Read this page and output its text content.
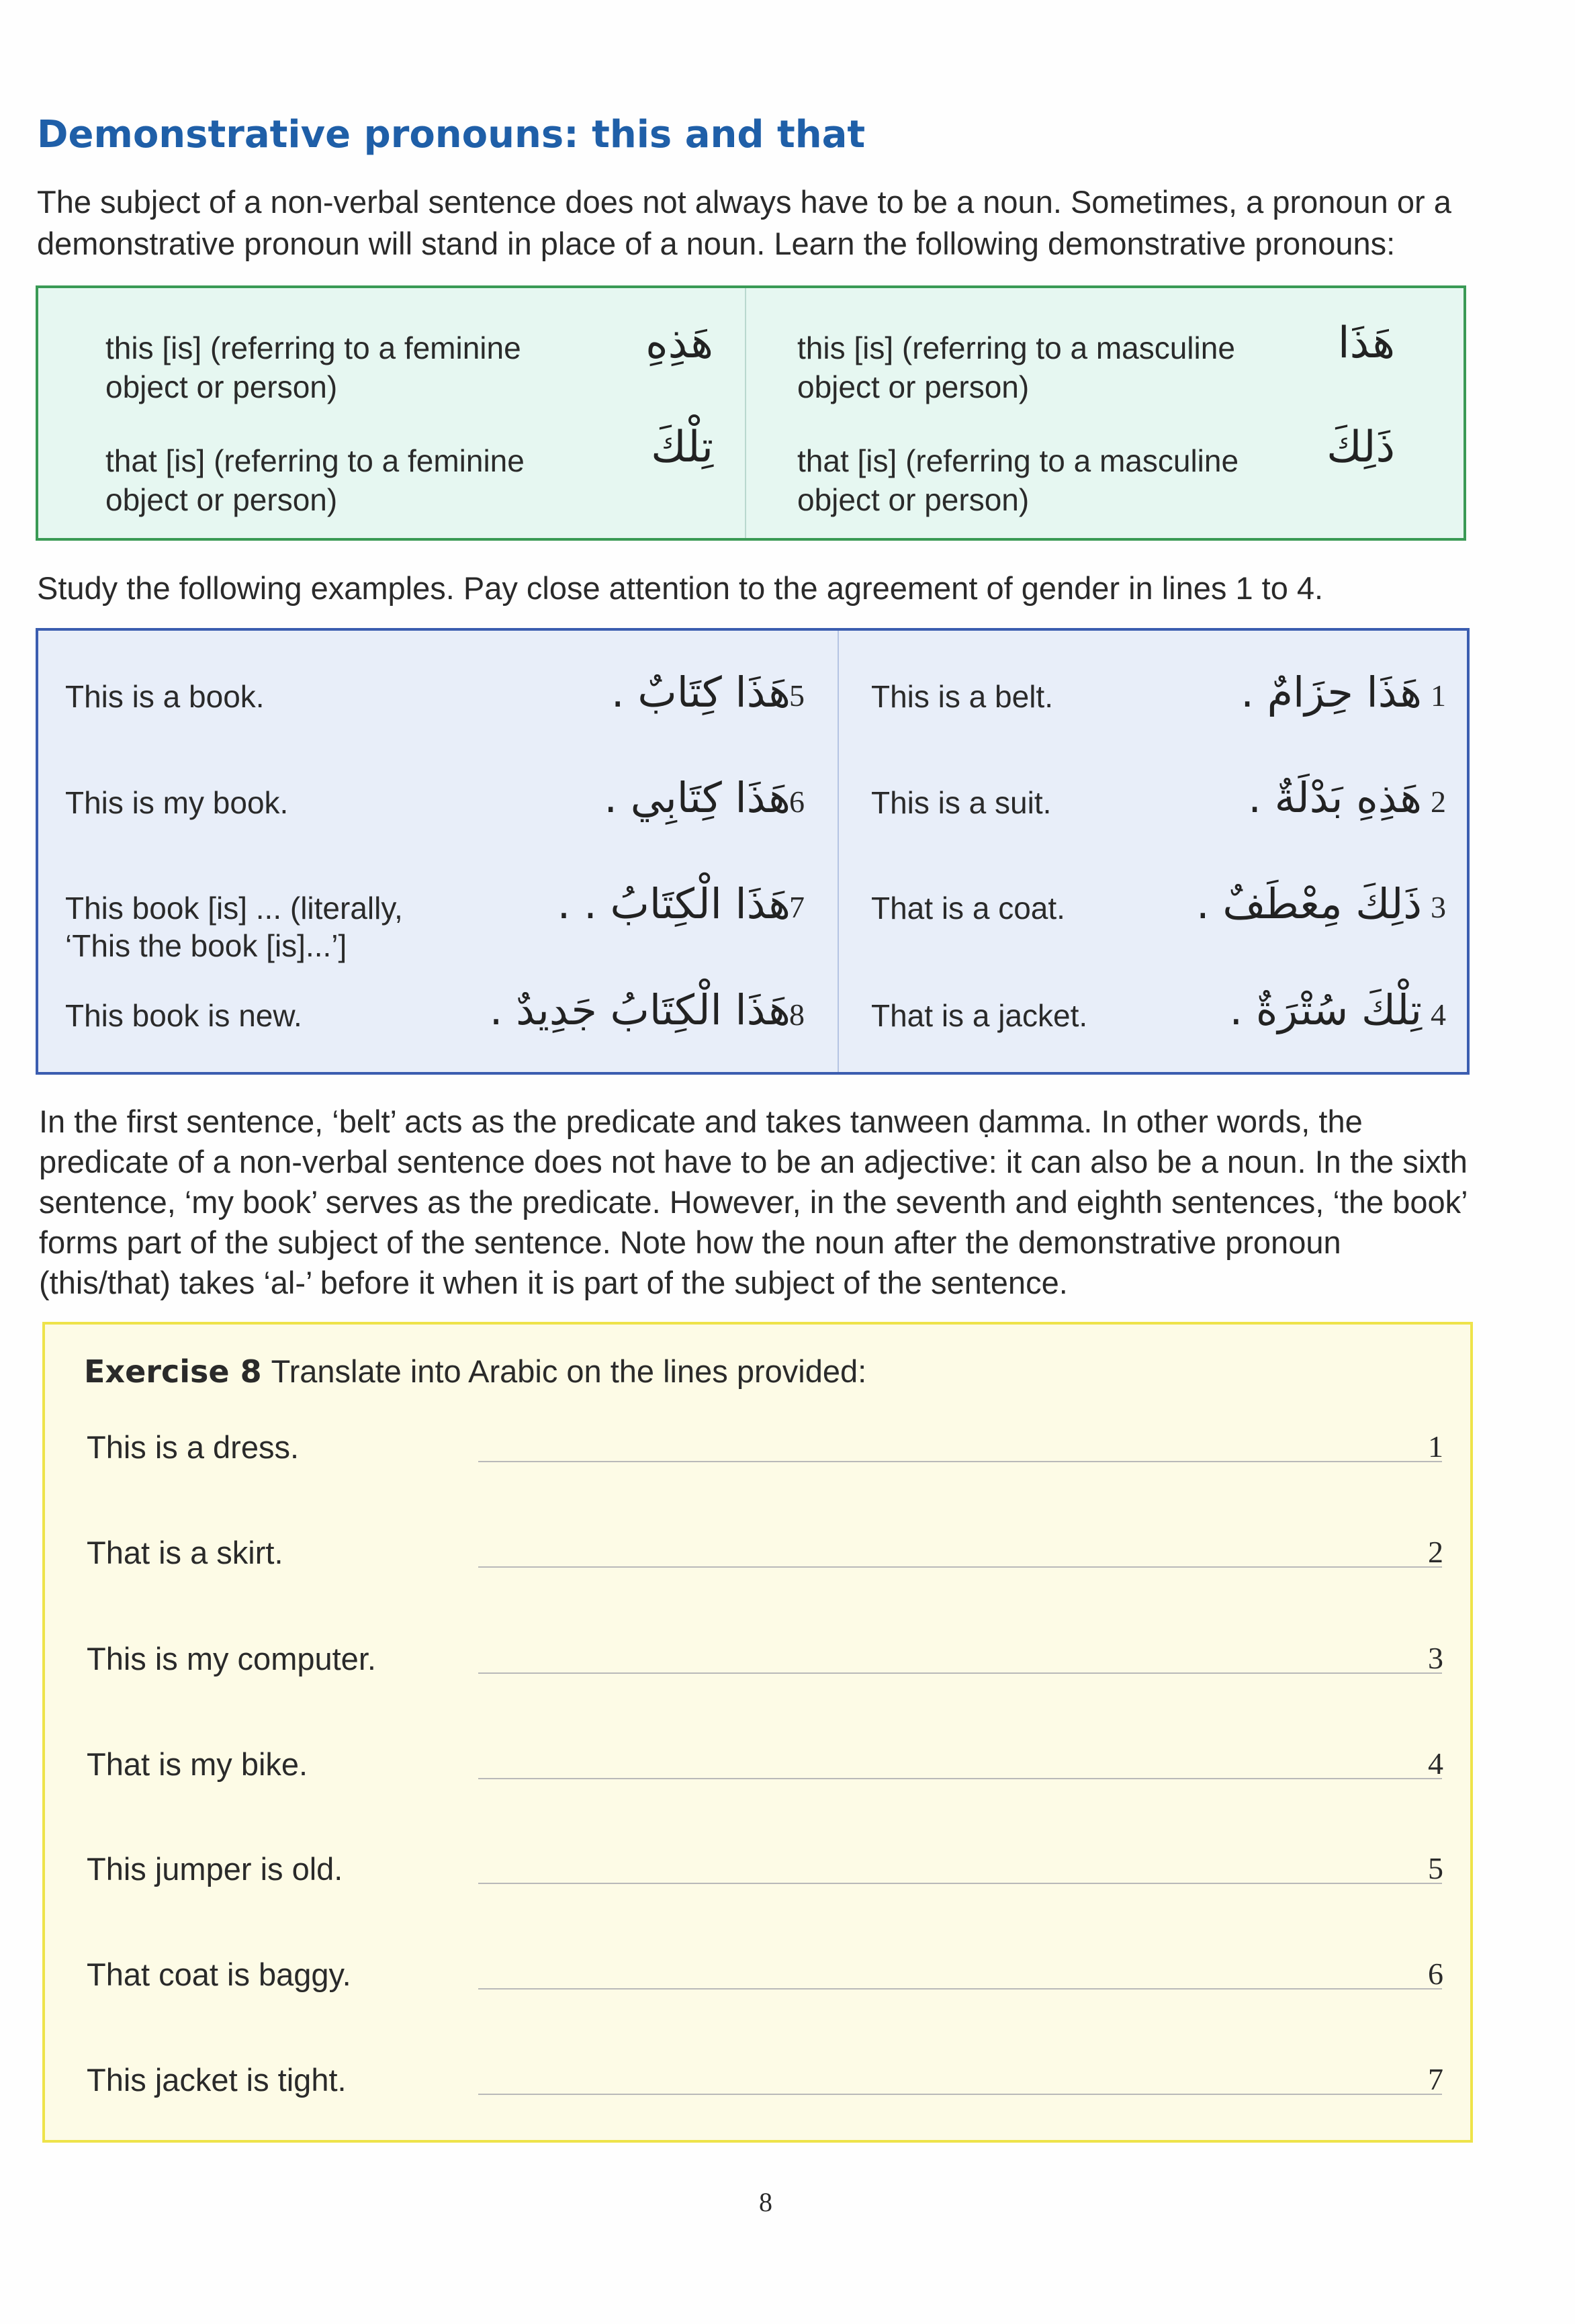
Demonstrative pronouns: this and that
The subject of a non-verbal sentence does not always have to be a noun. Sometimes, a pronoun or a demonstrative pronoun will stand in place of a noun. Learn the following demonstrative pronouns:
this [is] (referring to a feminine object or person)
هَذِهِ
that [is] (referring to a feminine object or person)
تِلْكَ
this [is] (referring to a masculine object or person)
هَذَا
that [is] (referring to a masculine object or person)
ذَلِكَ
Study the following examples. Pay close attention to the agreement of gender in lines 1 to 4.
This is a book.	هَذَا كِتَابٌ .
5
This is my book.	هَذَا كِتَابِي .
6
This book [is] ... (literally, ‘This the book [is]...’]
هَذَا الْكِتَابُ . .
7
This book is new.	هَذَا الْكِتَابُ جَدِيدٌ .
8
This is a belt.	هَذَا حِزَامٌ . 1
This is a suit.	هَذِهِ بَدْلَةٌ . 2
That is a coat.	ذَلِكَ مِعْطَفٌ . 3
That is a jacket.	تِلْكَ سُتْرَةٌ . 4
In the first sentence, ‘belt’ acts as the predicate and takes tanween ḍamma. In other words, the predicate of a non-verbal sentence does not have to be an adjective: it can also be a noun. In the sixth sentence, ‘my book’ serves as the predicate. However, in the seventh and eighth sentences, ‘the book’ forms part of the subject of the sentence. Note how the noun after the demonstrative pronoun (this/that) takes ‘al-’ before it when it is part of the subject of the sentence.
Exercise 8 Translate into Arabic on the lines provided:
This is a dress.	1
That is a skirt.	2
This is my computer.	3
That is my bike.	4
This jumper is old.	5
That coat is baggy.	6
This jacket is tight.	7
8
